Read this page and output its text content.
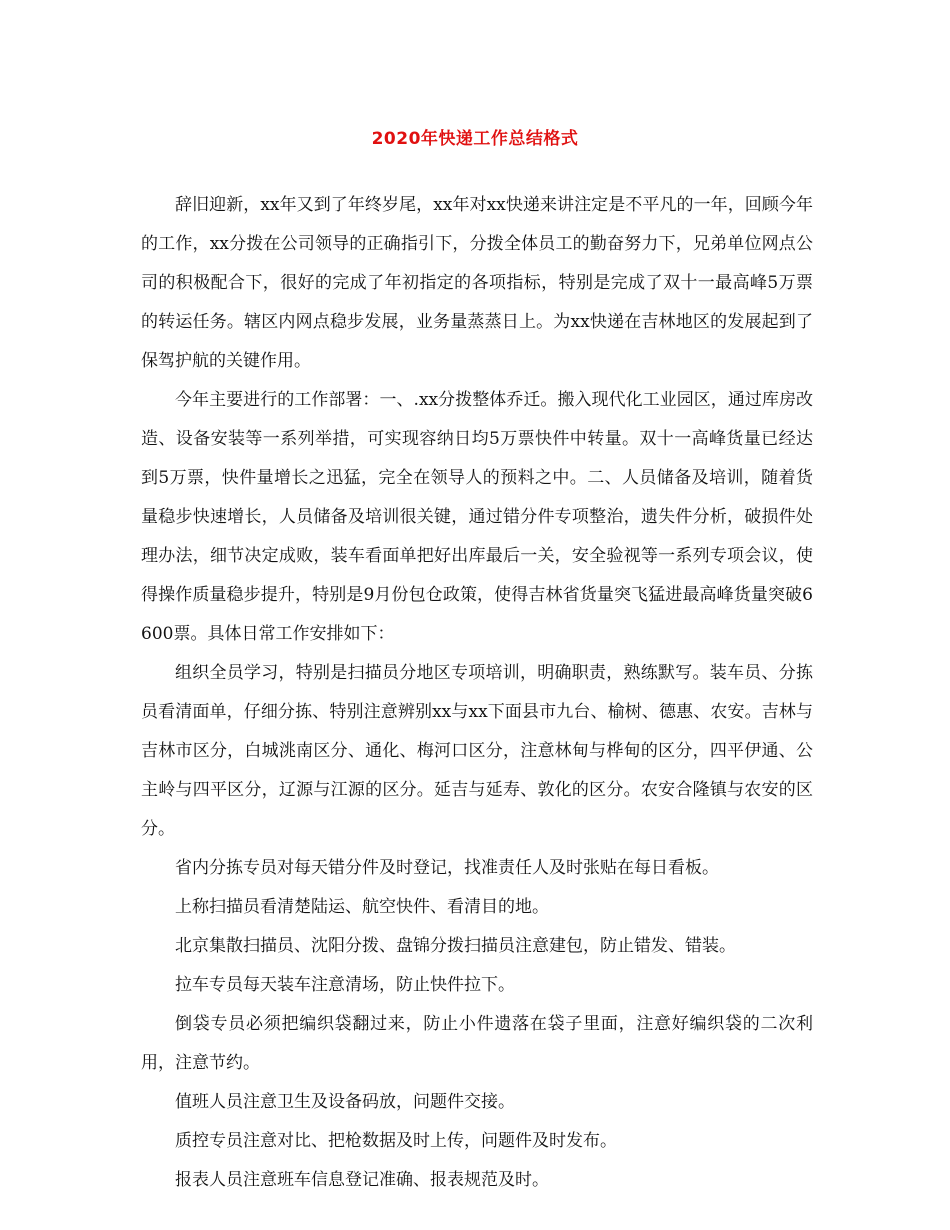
2020年快递工作总结格式

辞旧迎新，xx年又到了年终岁尾，xx年对xx快递来讲注定是不平凡的一年，回顾今年的工作，xx分拨在公司领导的正确指引下，分拨全体员工的勤奋努力下，兄弟单位网点公司的积极配合下，很好的完成了年初指定的各项指标，特别是完成了双十一最高峰5万票的转运任务。辖区内网点稳步发展，业务量蒸蒸日上。为xx快递在吉林地区的发展起到了保驾护航的关键作用。

今年主要进行的工作部署：一、.xx分拨整体乔迁。搬入现代化工业园区，通过库房改造、设备安装等一系列举措，可实现容纳日均5万票快件中转量。双十一高峰货量已经达到5万票，快件量增长之迅猛，完全在领导人的预料之中。二、人员储备及培训，随着货量稳步快速增长，人员储备及培训很关键，通过错分件专项整治，遗失件分析，破损件处理办法，细节决定成败，装车看面单把好出库最后一关，安全验视等一系列专项会议，使得操作质量稳步提升，特别是9月份包仓政策，使得吉林省货量突飞猛进最高峰货量突破6600票。具体日常工作安排如下：

组织全员学习，特别是扫描员分地区专项培训，明确职责，熟练默写。装车员、分拣员看清面单，仔细分拣、特别注意辨别xx与xx下面县市九台、榆树、德惠、农安。吉林与吉林市区分，白城洮南区分、通化、梅河口区分，注意林甸与桦甸的区分，四平伊通、公主岭与四平区分，辽源与江源的区分。延吉与延寿、敦化的区分。农安合隆镇与农安的区分。

省内分拣专员对每天错分件及时登记，找准责任人及时张贴在每日看板。

上称扫描员看清楚陆运、航空快件、看清目的地。

北京集散扫描员、沈阳分拨、盘锦分拨扫描员注意建包，防止错发、错装。

拉车专员每天装车注意清场，防止快件拉下。

倒袋专员必须把编织袋翻过来，防止小件遗落在袋子里面，注意好编织袋的二次利用，注意节约。

值班人员注意卫生及设备码放，问题件交接。

质控专员注意对比、把枪数据及时上传，问题件及时发布。

报表人员注意班车信息登记准确、报表规范及时。
